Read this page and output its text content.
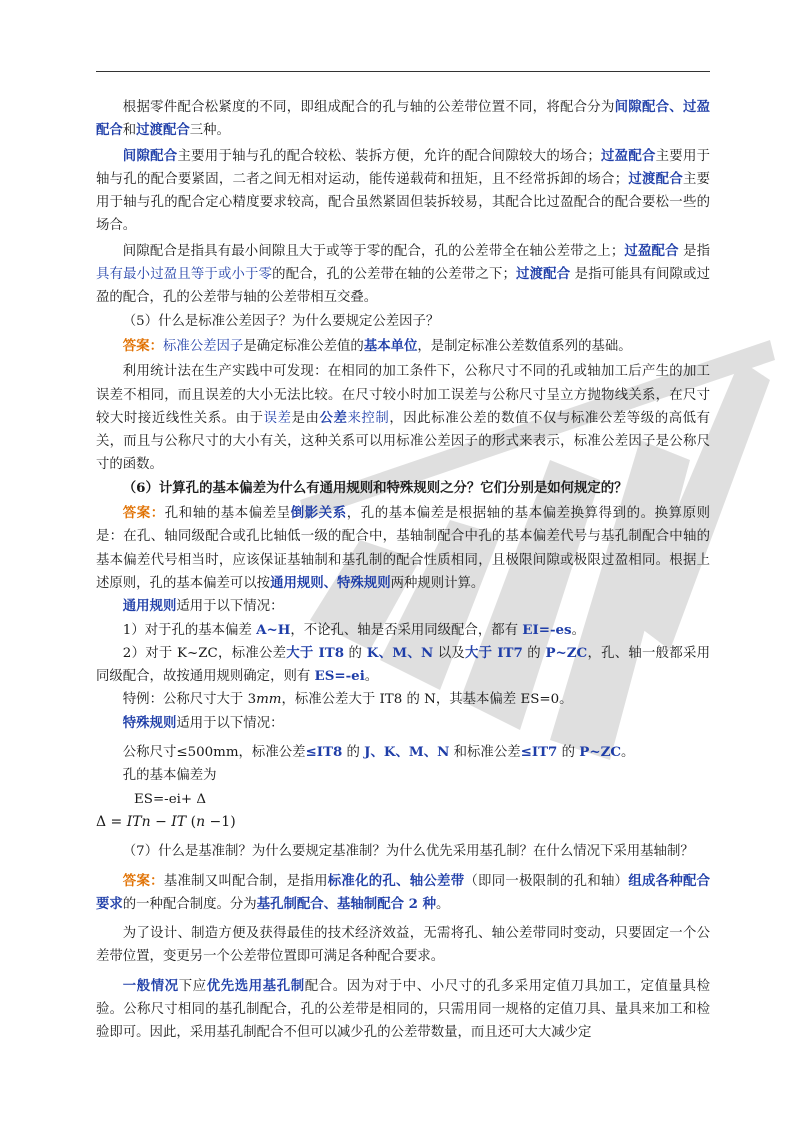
根据零件配合松紧度的不同，即组成配合的孔与轴的公差带位置不同，将配合分为间隙配合、过盈配合和过渡配合三种。

间隙配合主要用于轴与孔的配合较松、装拆方便，允许的配合间隙较大的场合；过盈配合主要用于轴与孔的配合要紧固，二者之间无相对运动，能传递载荷和扭矩，且不经常拆卸的场合；过渡配合主要用于轴与孔的配合定心精度要求较高，配合虽然紧固但装拆较易，其配合比过盈配合的配合要松一些的场合。

间隙配合是指具有最小间隙且大于或等于零的配合，孔的公差带全在轴公差带之上；过盈配合 是指具有最小过盈且等于或小于零的配合，孔的公差带在轴的公差带之下；过渡配合 是指可能具有间隙或过盈的配合，孔的公差带与轴的公差带相互交叠。

（5）什么是标准公差因子？为什么要规定公差因子？

答案：标准公差因子是确定标准公差值的基本单位，是制定标准公差数值系列的基础。

利用统计法在生产实践中可发现：在相同的加工条件下，公称尺寸不同的孔或轴加工后产生的加工误差不相同，而且误差的大小无法比较。在尺寸较小时加工误差与公称尺寸呈立方抛物线关系，在尺寸较大时接近线性关系。由于误差是由公差来控制，因此标准公差的数值不仅与标准公差等级的高低有关，而且与公称尺寸的大小有关，这种关系可以用标准公差因子的形式来表示，标准公差因子是公称尺寸的函数。

（6）计算孔的基本偏差为什么有通用规则和特殊规则之分？它们分别是如何规定的？

答案：孔和轴的基本偏差呈倒影关系，孔的基本偏差是根据轴的基本偏差换算得到的。换算原则是：在孔、轴同级配合或孔比轴低一级的配合中，基轴制配合中孔的基本偏差代号与基孔制配合中轴的基本偏差代号相当时，应该保证基轴制和基孔制的配合性质相同，且极限间隙或极限过盈相同。根据上述原则，孔的基本偏差可以按通用规则、特殊规则两种规则计算。

通用规则适用于以下情况：

1）对于孔的基本偏差 A~H，不论孔、轴是否采用同级配合，都有 EI=-es。

2）对于 K~ZC，标准公差大于 IT8 的 K、M、N 以及大于 IT7 的 P~ZC，孔、轴一般都采用同级配合，故按通用规则确定，则有 ES=-ei。

特例：公称尺寸大于 3mm，标准公差大于 IT8 的 N，其基本偏差 ES=0。

特殊规则适用于以下情况：

公称尺寸≤500mm，标准公差≤IT8 的 J、K、M、N 和标准公差≤IT7 的 P~ZC。

孔的基本偏差为

ES=-ei+ Δ

Δ = ITn − IT (n −1)

（7）什么是基准制？为什么要规定基准制？为什么优先采用基孔制？在什么情况下采用基轴制？

答案：基准制又叫配合制，是指用标准化的孔、轴公差带（即同一极限制的孔和轴）组成各种配合要求的一种配合制度。分为基孔制配合、基轴制配合 2 种。

为了设计、制造方便及获得最佳的技术经济效益，无需将孔、轴公差带同时变动，只要固定一个公差带位置，变更另一个公差带位置即可满足各种配合要求。

一般情况下应优先选用基孔制配合。因为对于中、小尺寸的孔多采用定值刀具加工，定值量具检验。公称尺寸相同的基孔制配合，孔的公差带是相同的，只需用同一规格的定值刀具、量具来加工和检验即可。因此，采用基孔制配合不但可以减少孔的公差带数量，而且还可大大减少定
